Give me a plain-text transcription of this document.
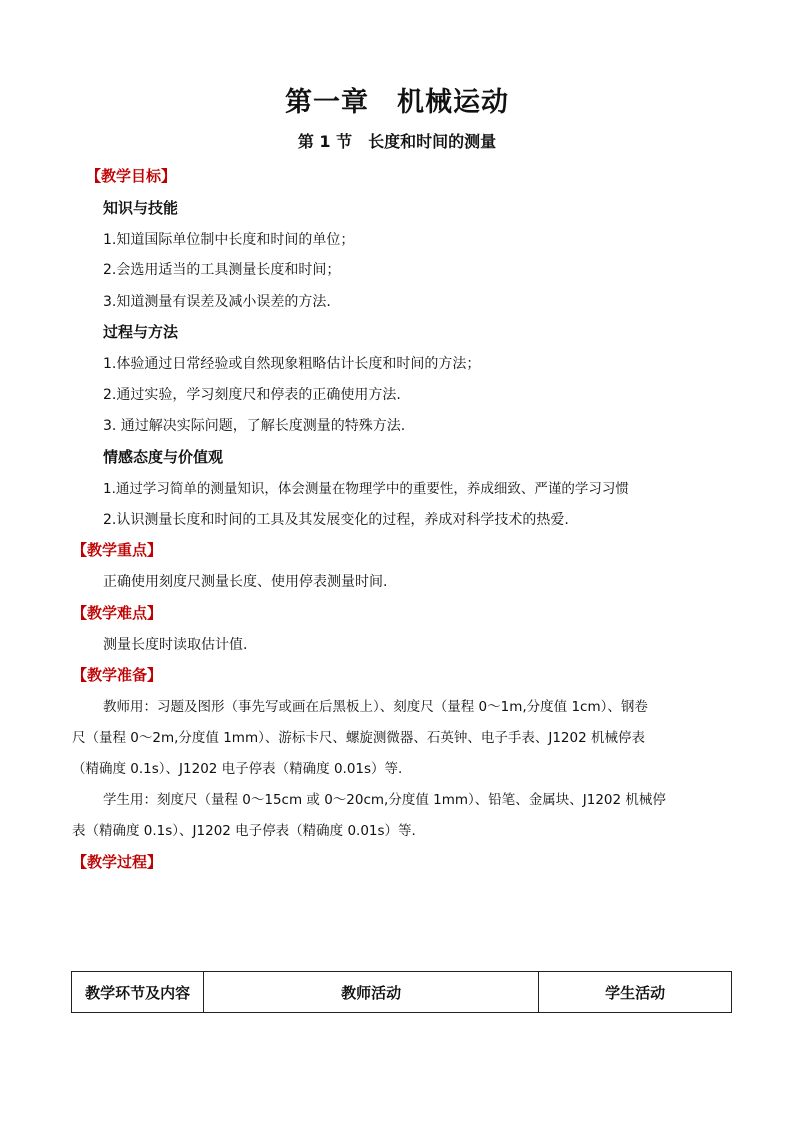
第一章　机械运动
第 1 节　长度和时间的测量
【教学目标】
知识与技能
1.知道国际单位制中长度和时间的单位；
2.会选用适当的工具测量长度和时间；
3.知道测量有误差及减小误差的方法.
过程与方法
1.体验通过日常经验或自然现象粗略估计长度和时间的方法；
2.通过实验，学习刻度尺和停表的正确使用方法.
3. 通过解决实际问题，了解长度测量的特殊方法.
情感态度与价值观
1.通过学习简单的测量知识，体会测量在物理学中的重要性，养成细致、严谨的学习习惯
2.认识测量长度和时间的工具及其发展变化的过程，养成对科学技术的热爱.
【教学重点】
正确使用刻度尺测量长度、使用停表测量时间.
【教学难点】
测量长度时读取估计值.
【教学准备】
教师用：习题及图形（事先写或画在后黑板上）、刻度尺（量程 0～1m,分度值 1cm）、钢卷
尺（量程 0～2m,分度值 1mm）、游标卡尺、螺旋测微器、石英钟、电子手表、J1202 机械停表
（精确度 0.1s）、J1202 电子停表（精确度 0.01s）等.
学生用：刻度尺（量程 0～15cm 或 0～20cm,分度值 1mm）、铅笔、金属块、J1202 机械停
表（精确度 0.1s）、J1202 电子停表（精确度 0.01s）等.
【教学过程】
教学环节及内容	教师活动	学生活动
